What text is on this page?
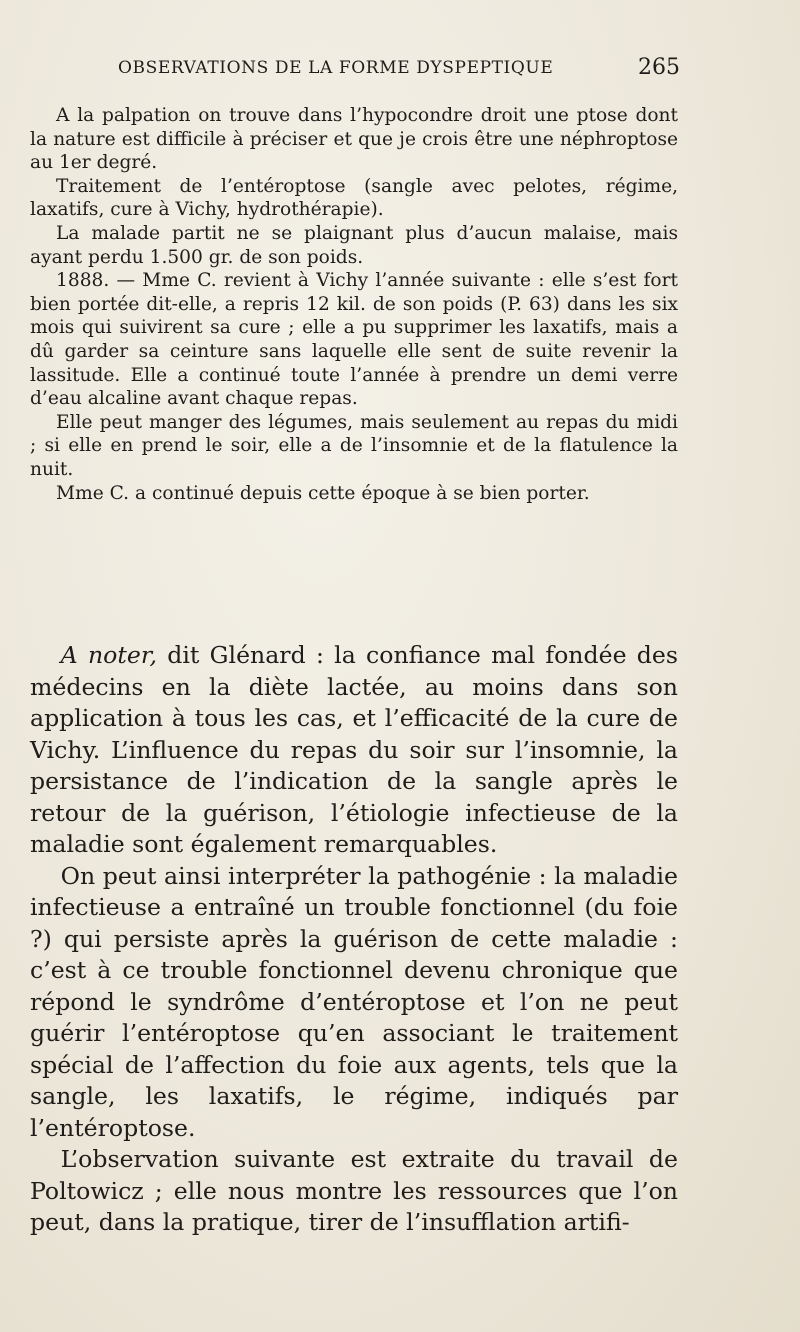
OBSERVATIONS DE LA FORME DYSPEPTIQUE	265

A la palpation on trouve dans l’hypocondre droit une ptose dont la nature est difficile à préciser et que je crois être une néphroptose au 1er degré.

Traitement de l’entéroptose (sangle avec pelotes, régime, laxatifs, cure à Vichy, hydrothérapie).

La malade partit ne se plaignant plus d’aucun malaise, mais ayant perdu 1.500 gr. de son poids.

1888. — Mme C. revient à Vichy l’année suivante : elle s’est fort bien portée dit-elle, a repris 12 kil. de son poids (P. 63) dans les six mois qui suivirent sa cure ; elle a pu supprimer les laxatifs, mais a dû garder sa ceinture sans laquelle elle sent de suite revenir la lassitude. Elle a continué toute l’année à prendre un demi verre d’eau alcaline avant chaque repas.

Elle peut manger des légumes, mais seulement au repas du midi ; si elle en prend le soir, elle a de l’insomnie et de la flatulence la nuit.

Mme C. a continué depuis cette époque à se bien porter.

A noter, dit Glénard : la confiance mal fondée des médecins en la diète lactée, au moins dans son application à tous les cas, et l’efficacité de la cure de Vichy. L’influence du repas du soir sur l’insomnie, la persistance de l’indication de la sangle après le retour de la guérison, l’étiologie infectieuse de la maladie sont également remarquables.

On peut ainsi interpréter la pathogénie : la maladie infectieuse a entraîné un trouble fonctionnel (du foie ?) qui persiste après la guérison de cette maladie : c’est à ce trouble fonctionnel devenu chronique que répond le syndrôme d’entéroptose et l’on ne peut guérir l’entéroptose qu’en associant le traitement spécial de l’affection du foie aux agents, tels que la sangle, les laxatifs, le régime, indiqués par l’entéroptose.

L’observation suivante est extraite du travail de Poltowicz ; elle nous montre les ressources que l’on peut, dans la pratique, tirer de l’insufflation artifi-
